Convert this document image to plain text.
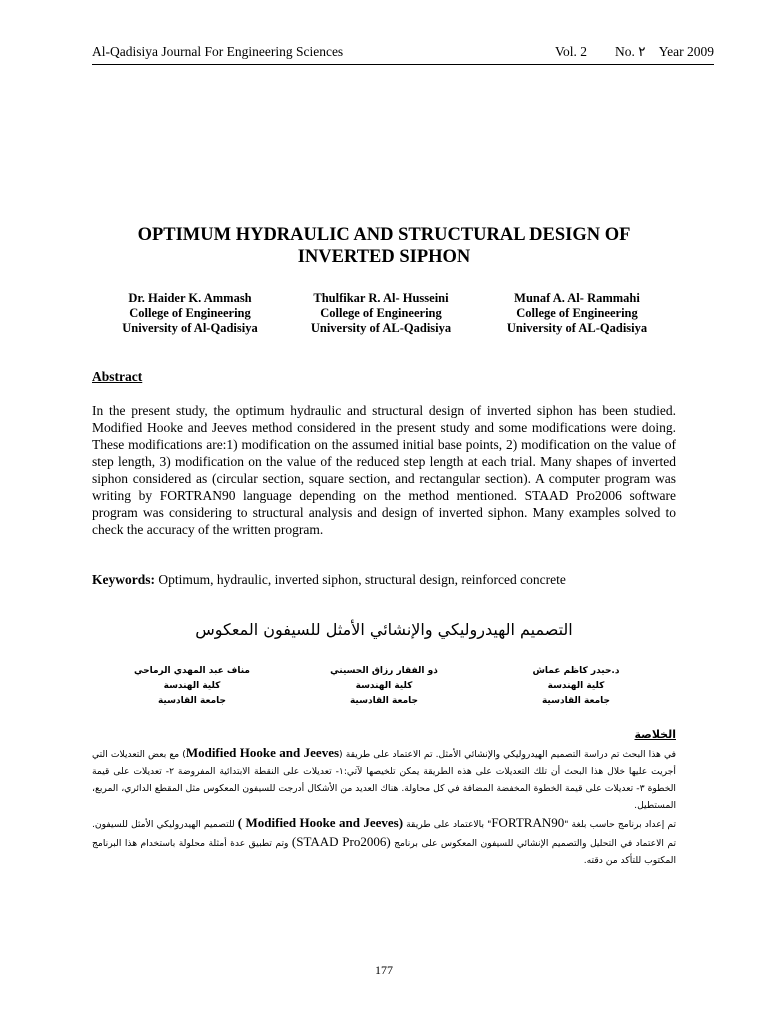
Al-Qadisiya Journal For Engineering Sciences	Vol. 2 No. ٢ Year 2009
OPTIMUM HYDRAULIC AND STRUCTURAL DESIGN OF
INVERTED SIPHON
Dr. Haider K. Ammash
College of Engineering
University of Al-Qadisiya
Thulfikar R. Al- Husseini
College of Engineering
University of AL-Qadisiya
Munaf A. Al- Rammahi
College of Engineering
University of AL-Qadisiya
Abstract
In the present study, the optimum hydraulic and structural design of inverted siphon has been studied. Modified Hooke and Jeeves method considered in the present study and some modifications were doing. These modifications are:1) modification on the assumed initial base points, 2) modification on the value of step length, 3) modification on the value of the reduced step length at each trial. Many shapes of inverted siphon considered as (circular section, square section, and rectangular section). A computer program was writing by FORTRAN90 language depending on the method mentioned. STAAD Pro2006 software program was considering to structural analysis and design of inverted siphon. Many examples solved to check the accuracy of the written program.
Keywords: Optimum, hydraulic, inverted siphon, structural design, reinforced concrete
التصميم الهيدروليكي والإنشائي الأمثل للسيفون المعكوس
د.حيدر كاظم عماش
كلية الهندسة
جامعة القادسية
ذو الفقار رزاق الحسيني
كلية الهندسة
جامعة القادسية
مناف عبد المهدي الرماحي
كلية الهندسة
جامعة القادسية
الخلاصة

في هذا البحث تم دراسة التصميم الهيدروليكي والإنشائي الأمثل. تم الاعتماد على طريقة (Modified Hooke and Jeeves) مع بعض التعديلات التي أجريت عليها خلال هذا البحث أن تلك التعديلات على هذه الطريقة يمكن تلخيصها لآتي:١- تعديلات على النقطة الابتدائية المفروضة ٢- تعديلات على قيمة الخطوة ٣- تعديلات على قيمة الخطوة المخفضة المضافة في كل محاولة. هناك العديد من الأشكال أدرجت للسيفون المعكوس مثل المقطع الدائري، المربع، المستطيل.

تم إعداد برنامج حاسب بلغة "FORTRAN90" بالاعتماد على طريقة ( Modified Hooke and Jeeves) للتصميم الهيدروليكي الأمثل للسيفون. تم الاعتماد في التحليل والتصميم الإنشائي للسيفون المعكوس على برنامج (STAAD Pro2006) وتم تطبيق عدة أمثلة محلولة باستخدام هذا البرنامج المكتوب للتأكد من دقته.

177
